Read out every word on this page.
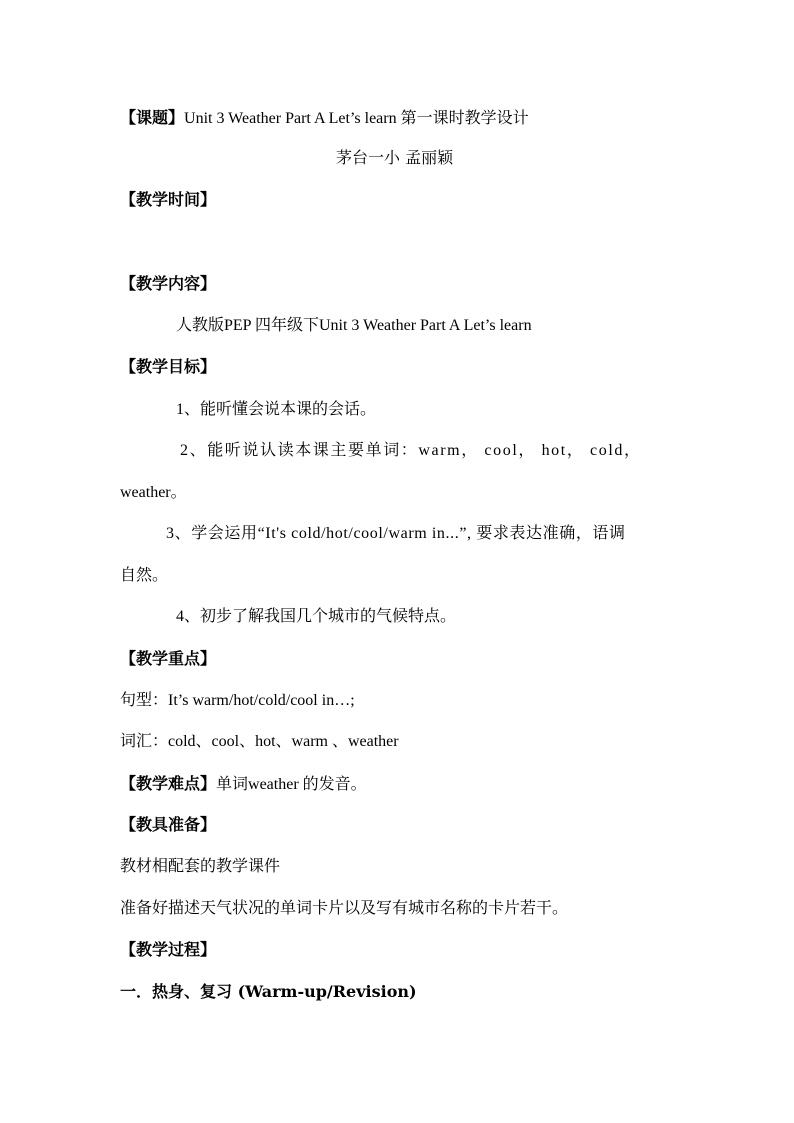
【课题】Unit 3 Weather Part A Let’s learn 第一课时教学设计
茅台一小 孟丽颖
【教学时间】
【教学内容】
人教版PEP 四年级下Unit 3 Weather Part A Let’s learn
【教学目标】
1、能听懂会说本课的会话。
2、能听说认读本课主要单词：warm， cool， hot， cold，
weather。
3、学会运用“It's cold/hot/cool/warm in...”, 要求表达准确，语调
自然。
4、初步了解我国几个城市的气候特点。
【教学重点】
句型：It’s warm/hot/cold/cool in…;
词汇：cold、cool、hot、warm 、weather
【教学难点】单词weather 的发音。
【教具准备】
教材相配套的教学课件
准备好描述天气状况的单词卡片以及写有城市名称的卡片若干。
【教学过程】
一．热身、复习 (Warm-up/Revision)
